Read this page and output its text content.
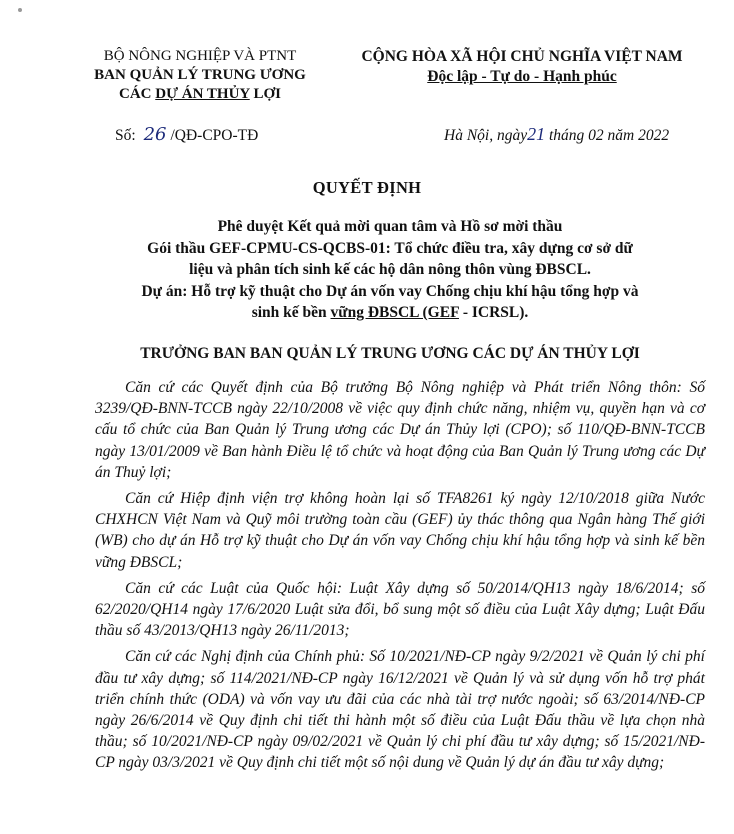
BỘ NÔNG NGHIỆP VÀ PTNT
BAN QUẢN LÝ TRUNG ƯƠNG
CÁC DỰ ÁN THỦY LỢI
CỘNG HÒA XÃ HỘI CHỦ NGHĨA VIỆT NAM
Độc lập - Tự do - Hạnh phúc
Số: 26 /QĐ-CPO-TĐ	Hà Nội, ngày21 tháng 02 năm 2022
QUYẾT ĐỊNH
Phê duyệt Kết quả mời quan tâm và Hồ sơ mời thầu
Gói thầu GEF-CPMU-CS-QCBS-01: Tổ chức điều tra, xây dựng cơ sở dữ
liệu và phân tích sinh kế các hộ dân nông thôn vùng ĐBSCL.
Dự án: Hỗ trợ kỹ thuật cho Dự án vốn vay Chống chịu khí hậu tổng hợp và
sinh kế bền vững ĐBSCL (GEF - ICRSL).
TRƯỞNG BAN BAN QUẢN LÝ TRUNG ƯƠNG CÁC DỰ ÁN THỦY LỢI

Căn cứ các Quyết định của Bộ trưởng Bộ Nông nghiệp và Phát triển Nông thôn: Số 3239/QĐ-BNN-TCCB ngày 22/10/2008 về việc quy định chức năng, nhiệm vụ, quyền hạn và cơ cấu tổ chức của Ban Quản lý Trung ương các Dự án Thủy lợi (CPO); số 110/QĐ-BNN-TCCB ngày 13/01/2009 về Ban hành Điều lệ tổ chức và hoạt động của Ban Quản lý Trung ương các Dự án Thuỷ lợi;

Căn cứ Hiệp định viện trợ không hoàn lại số TFA8261 ký ngày 12/10/2018 giữa Nước CHXHCN Việt Nam và Quỹ môi trường toàn cầu (GEF) ủy thác thông qua Ngân hàng Thế giới (WB) cho dự án Hỗ trợ kỹ thuật cho Dự án vốn vay Chống chịu khí hậu tổng hợp và sinh kế bền vững ĐBSCL;

Căn cứ các Luật của Quốc hội: Luật Xây dựng số 50/2014/QH13 ngày 18/6/2014; số 62/2020/QH14 ngày 17/6/2020 Luật sửa đổi, bổ sung một số điều của Luật Xây dựng; Luật Đấu thầu số 43/2013/QH13 ngày 26/11/2013;

Căn cứ các Nghị định của Chính phủ: Số 10/2021/NĐ-CP ngày 9/2/2021 về Quản lý chi phí đầu tư xây dựng; số 114/2021/NĐ-CP ngày 16/12/2021 về Quản lý và sử dụng vốn hỗ trợ phát triển chính thức (ODA) và vốn vay ưu đãi của các nhà tài trợ nước ngoài; số 63/2014/NĐ-CP ngày 26/6/2014 về Quy định chi tiết thi hành một số điều của Luật Đấu thầu về lựa chọn nhà thầu; số 10/2021/NĐ-CP ngày 09/02/2021 về Quản lý chi phí đầu tư xây dựng; số 15/2021/NĐ-CP ngày 03/3/2021 về Quy định chi tiết một số nội dung về Quản lý dự án đầu tư xây dựng;
